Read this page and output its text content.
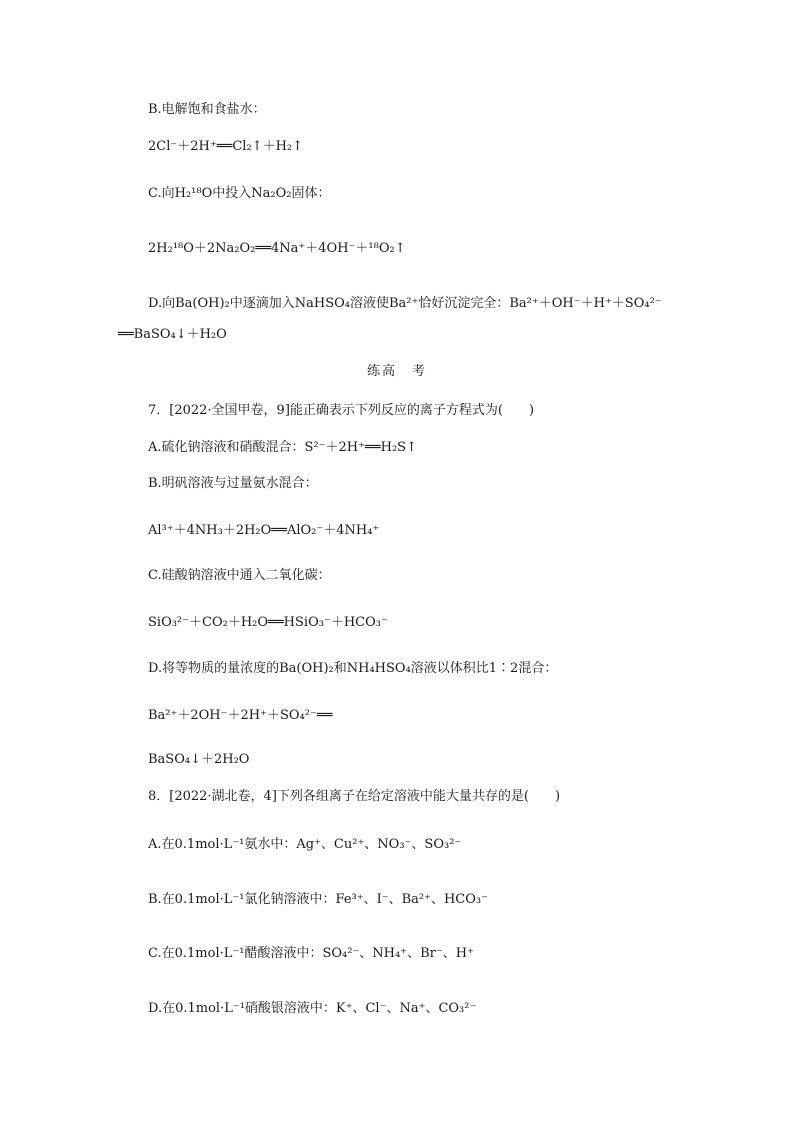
B.电解饱和食盐水：
2Cl⁻＋2H⁺══Cl₂↑＋H₂↑
C.向H₂¹⁸O中投入Na₂O₂固体：
2H₂¹⁸O＋2Na₂O₂══4Na⁺＋4OH⁻＋¹⁸O₂↑
D.向Ba(OH)₂中逐滴加入NaHSO₄溶液使Ba²⁺恰好沉淀完全：Ba²⁺＋OH⁻＋H⁺＋SO₄²⁻
══BaSO₄↓＋H₂O
练高　考
7．[2022·全国甲卷，9]能正确表示下列反应的离子方程式为(　　)
A.硫化钠溶液和硝酸混合：S²⁻＋2H⁺══H₂S↑
B.明矾溶液与过量氨水混合：
Al³⁺＋4NH₃＋2H₂O══AlO₂⁻＋4NH₄⁺
C.硅酸钠溶液中通入二氧化碳：
SiO₃²⁻＋CO₂＋H₂O══HSiO₃⁻＋HCO₃⁻
D.将等物质的量浓度的Ba(OH)₂和NH₄HSO₄溶液以体积比1∶2混合：
Ba²⁺＋2OH⁻＋2H⁺＋SO₄²⁻══
BaSO₄↓＋2H₂O
8．[2022·湖北卷，4]下列各组离子在给定溶液中能大量共存的是(　　)
A.在0.1mol·L⁻¹氨水中：Ag⁺、Cu²⁺、NO₃⁻、SO₃²⁻
B.在0.1mol·L⁻¹氯化钠溶液中：Fe³⁺、I⁻、Ba²⁺、HCO₃⁻
C.在0.1mol·L⁻¹醋酸溶液中：SO₄²⁻、NH₄⁺、Br⁻、H⁺
D.在0.1mol·L⁻¹硝酸银溶液中：K⁺、Cl⁻、Na⁺、CO₃²⁻
